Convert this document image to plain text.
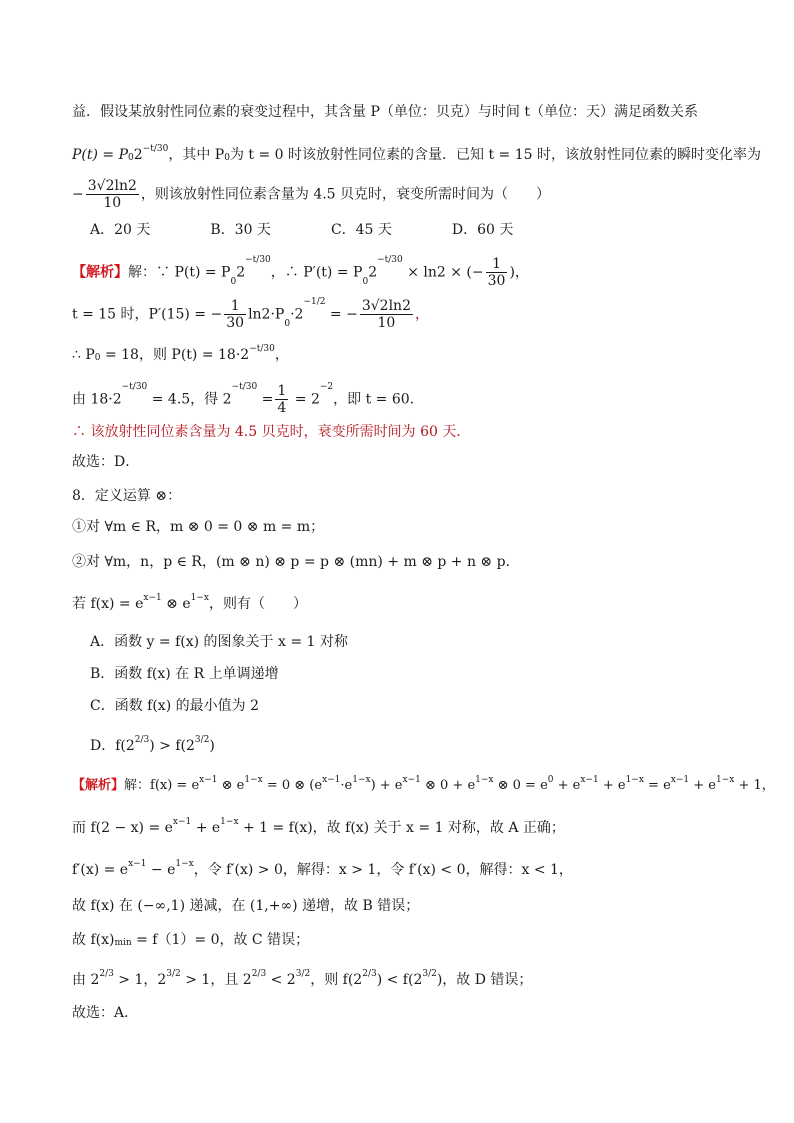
益．假设某放射性同位素的衰变过程中，其含量 P（单位：贝克）与时间 t（单位：天）满足函数关系
$P(t) = P_02^{-t/30}$，其中 $P_0$为 t = 0 时该放射性同位素的含量．已知 t = 15 时，该放射性同位素的瞬时变化率为
− $\frac{3√2\ln 2}{10}$ ，则该放射性同位素含量为 4.5 贝克时，衰变所需时间为（　　）
A．20 天	B．30 天	C．45 天	D．60 天
【解析】解：∵ $P(t) = P_02^{-t/30}$，∴ $P'(t) = P_02^{-t/30} \times \ln 2$ × (− $\frac{1}{30}$ )，
t = 15 时，P′(15) = − $\frac{1}{30} \ln 2\cdot P_0\cdot 2^{-1/2}$ = − $\frac{3√2\ln 2}{10}$ ，
∴ $P_0 = 18$，则 $P(t) = 18\cdot 2^{-t/30}$，
由 $18\cdot 2^{-t/30} = 4.5$，得 $2^{-t/30} = \frac{1}{4} = 2^{-2}$，即 t = 60．
∴ 该放射性同位素含量为 4.5 贝克时，衰变所需时间为 60 天．
故选：D．
8．定义运算 ⊗：
①对 ∀m ∈ R，m ⊗ 0 = 0 ⊗ m = m；
②对 ∀m，n，p ∈ R，(m ⊗ n) ⊗ p = p ⊗ (mn) + m ⊗ p + n ⊗ p．
若 $f(x) = e^{x-1}$ ⊗ $e^{1-x}$，则有（　　）
A．函数 y = f(x) 的图象关于 x = 1 对称
B．函数 f(x) 在 R 上单调递增
C．函数 f(x) 的最小值为 2
D．$f(2^{2/3}) > f(2^{3/2})$
【解析】解：$f(x) = e^{x-1}$ ⊗ $e^{1-x} = 0$ ⊗ $(e^{x-1}\cdot e^{1-x}) + e^{x-1}$ ⊗ $0 + e^{1-x}$ ⊗ $0 = e^0 + e^{x-1} + e^{1-x} = e^{x-1} + e^{1-x} + 1$，
而 $f(2 - x) = e^{x-1} + e^{1-x} + 1 = f(x)$，故 f(x) 关于 x = 1 对称，故 A 正确；
$f'(x) = e^{x-1} - e^{1-x}$，令 f′(x) > 0，解得：x > 1，令 f′(x) < 0，解得：x < 1，
故 f(x) 在 (−∞,1) 递减，在 (1,+∞) 递增，故 B 错误；
故 $f(x)_{min} = f(1)= 0$，故 C 错误；
由 $2^{2/3} > 1$，$2^{3/2} > 1$，且 $2^{2/3} < 2^{3/2}$，则 $f(2^{2/3}) < f(2^{3/2})$，故 D 错误；
故选：A．
